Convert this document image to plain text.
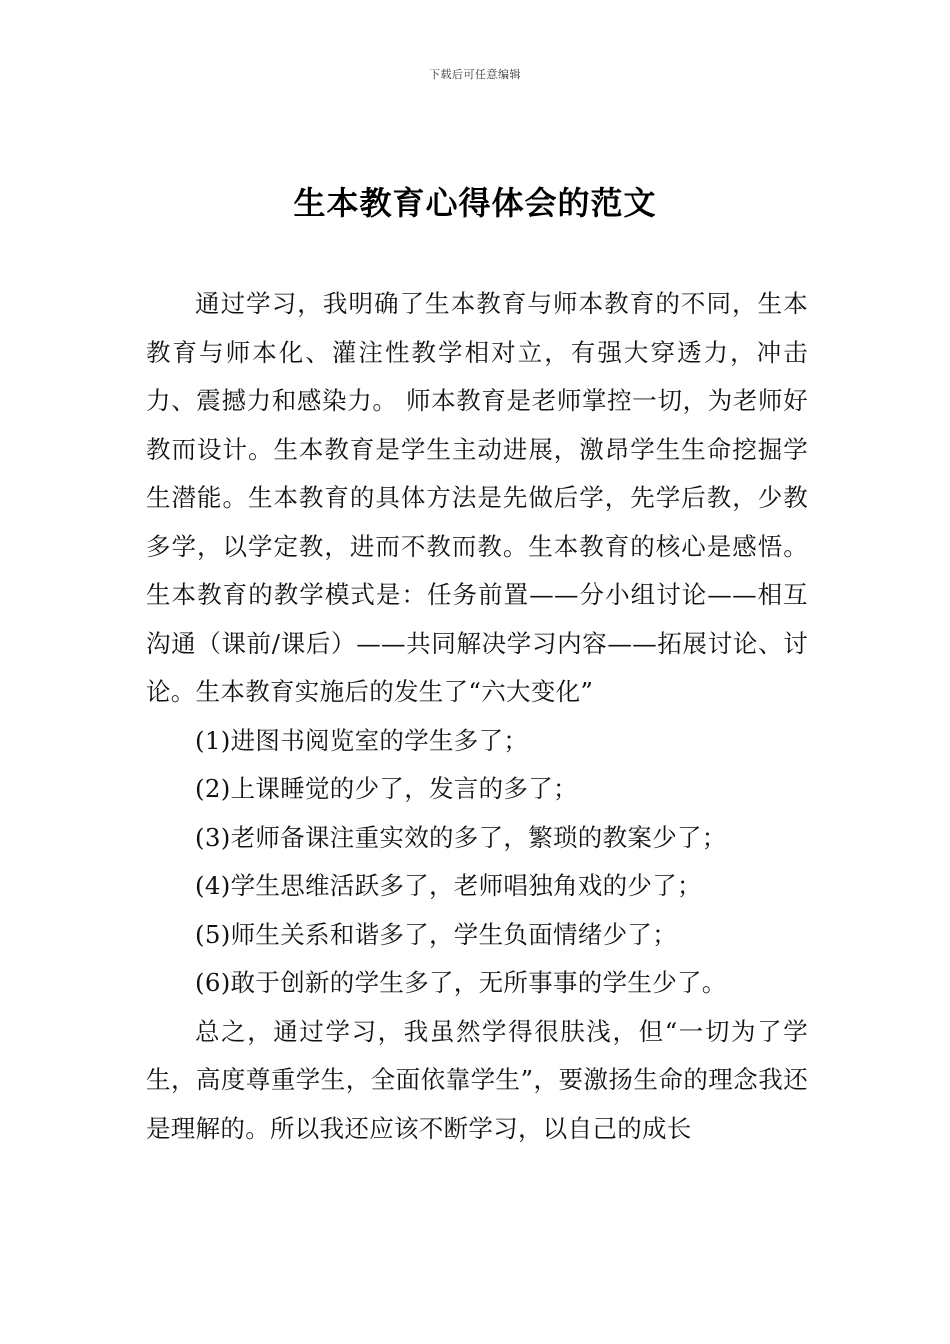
下载后可任意编辑
生本教育心得体会的范文

通过学习，我明确了生本教育与师本教育的不同，生本教育与师本化、灌注性教学相对立，有强大穿透力，冲击力、震撼力和感染力。 师本教育是老师掌控一切，为老师好教而设计。生本教育是学生主动进展，激昂学生生命挖掘学生潜能。生本教育的具体方法是先做后学，先学后教，少教多学，以学定教，进而不教而教。生本教育的核心是感悟。生本教育的教学模式是：任务前置——分小组讨论——相互沟通（课前/课后）——共同解决学习内容——拓展讨论、讨论。生本教育实施后的发生了“六大变化”

(1)进图书阅览室的学生多了；

(2)上课睡觉的少了，发言的多了；

(3)老师备课注重实效的多了，繁琐的教案少了；

(4)学生思维活跃多了，老师唱独角戏的少了；

(5)师生关系和谐多了，学生负面情绪少了；

(6)敢于创新的学生多了，无所事事的学生少了。

总之，通过学习，我虽然学得很肤浅，但“一切为了学生，高度尊重学生，全面依靠学生”，要激扬生命的理念我还是理解的。所以我还应该不断学习，以自己的成长
